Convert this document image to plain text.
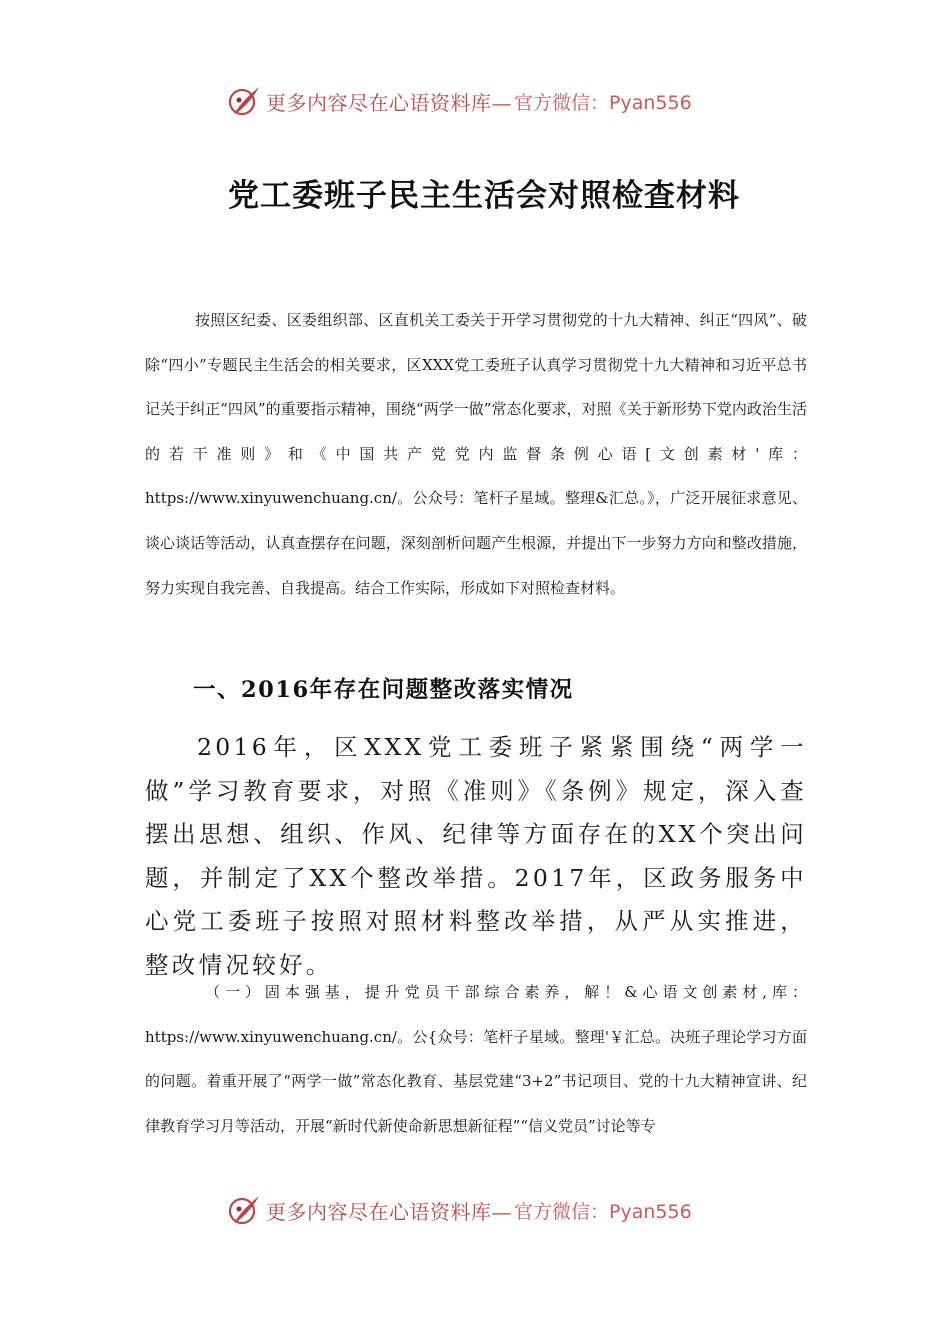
更多内容尽在心语资料库— 官方微信：Pyan556
党工委班子民主生活会对照检查材料

按照区纪委、区委组织部、区直机关工委关于开学习贯彻党的十九大精神、纠正“四风”、破除“四小”专题民主生活会的相关要求，区XXX党工委班子认真学习贯彻党十九大精神和习近平总书记关于纠正“四风”的重要指示精神，围绕“两学一做”常态化要求，对照《关于新形势下党内政治生活的若干准则》和《中国共产党党内监督条例心语[文创素材'库：https://www.xinyuwenchuang.cn/。公众号：笔杆子星域。整理&汇总。》，广泛开展征求意见、谈心谈话等活动，认真查摆存在问题，深刻剖析问题产生根源，并提出下一步努力方向和整改措施，努力实现自我完善、自我提高。结合工作实际，形成如下对照检查材料。

一、2016年存在问题整改落实情况

2016年，区XXX党工委班子紧紧围绕“两学一做”学习教育要求，对照《准则》《条例》规定，深入查摆出思想、组织、作风、纪律等方面存在的XX个突出问题，并制定了XX个整改举措。2017年，区政务服务中心党工委班子按照对照材料整改举措，从严从实推进，整改情况较好。

（一）固本强基，提升党员干部综合素养，解！&心语文创素材,库：https://www.xinyuwenchuang.cn/。公{众号：笔杆子星域。整理'￥汇总。决班子理论学习方面的问题。着重开展了“两学一做”常态化教育、基层党建“3+2”书记项目、党的十九大精神宣讲、纪律教育学习月等活动，开展“新时代新使命新思想新征程”“信义党员”讨论等专

更多内容尽在心语资料库— 官方微信：Pyan556
